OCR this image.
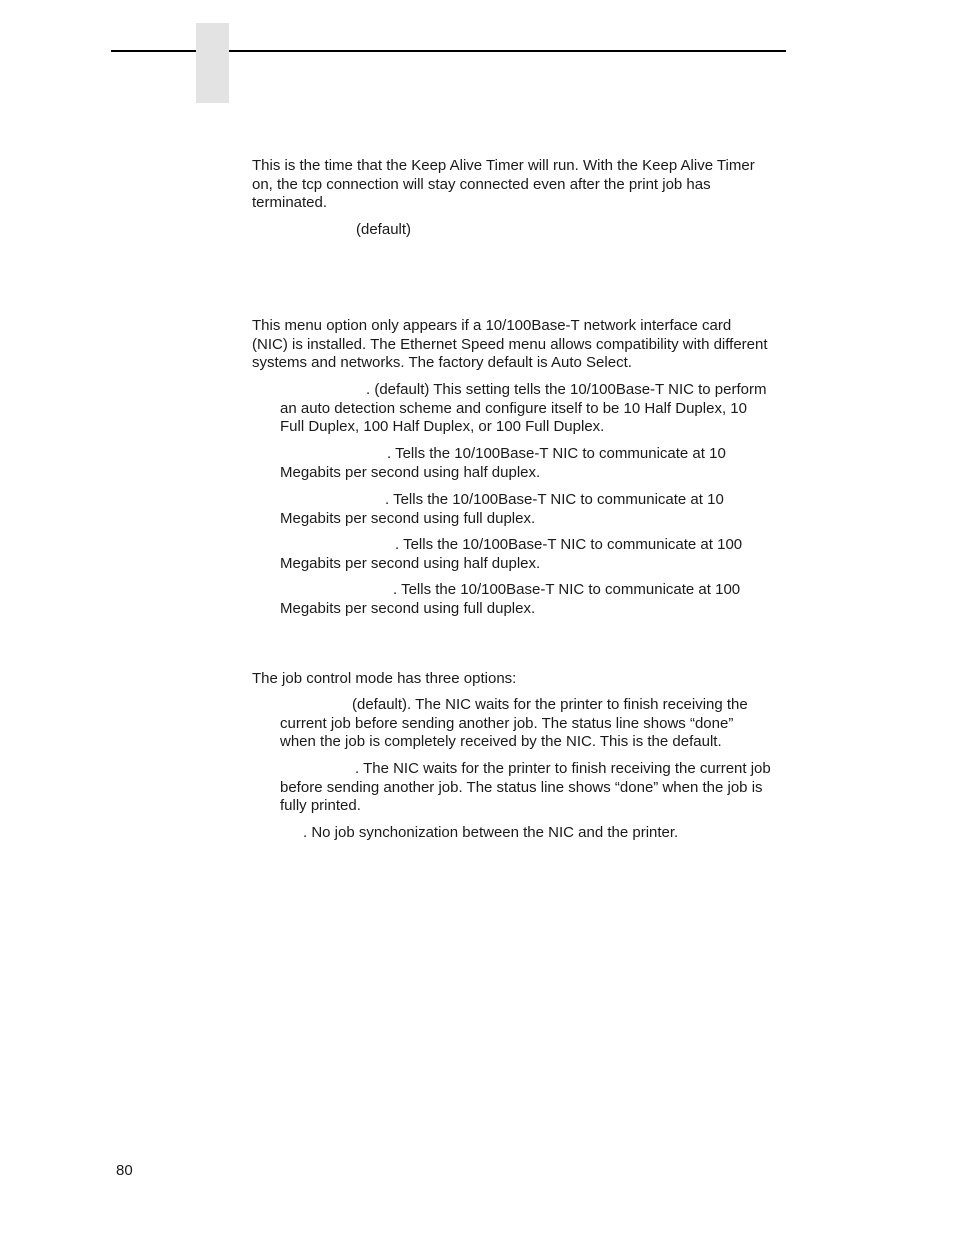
This is the time that the Keep Alive Timer will run. With the Keep Alive Timer
on, the tcp connection will stay connected even after the print job has
terminated.

(default)

This menu option only appears if a 10/100Base-T network interface card
(NIC) is installed. The Ethernet Speed menu allows compatibility with different
systems and networks. The factory default is Auto Select.

. (default) This setting tells the 10/100Base-T NIC to perform
an auto detection scheme and configure itself to be 10 Half Duplex, 10
Full Duplex, 100 Half Duplex, or 100 Full Duplex.

. Tells the 10/100Base-T NIC to communicate at 10
Megabits per second using half duplex.

. Tells the 10/100Base-T NIC to communicate at 10
Megabits per second using full duplex.

. Tells the 10/100Base-T NIC to communicate at 100
Megabits per second using half duplex.

. Tells the 10/100Base-T NIC to communicate at 100
Megabits per second using full duplex.

The job control mode has three options:

(default). The NIC waits for the printer to finish receiving the
current job before sending another job. The status line shows “done”
when the job is completely received by the NIC. This is the default.

. The NIC waits for the printer to finish receiving the current job
before sending another job. The status line shows “done” when the job is
fully printed.

. No job synchonization between the NIC and the printer.

80
